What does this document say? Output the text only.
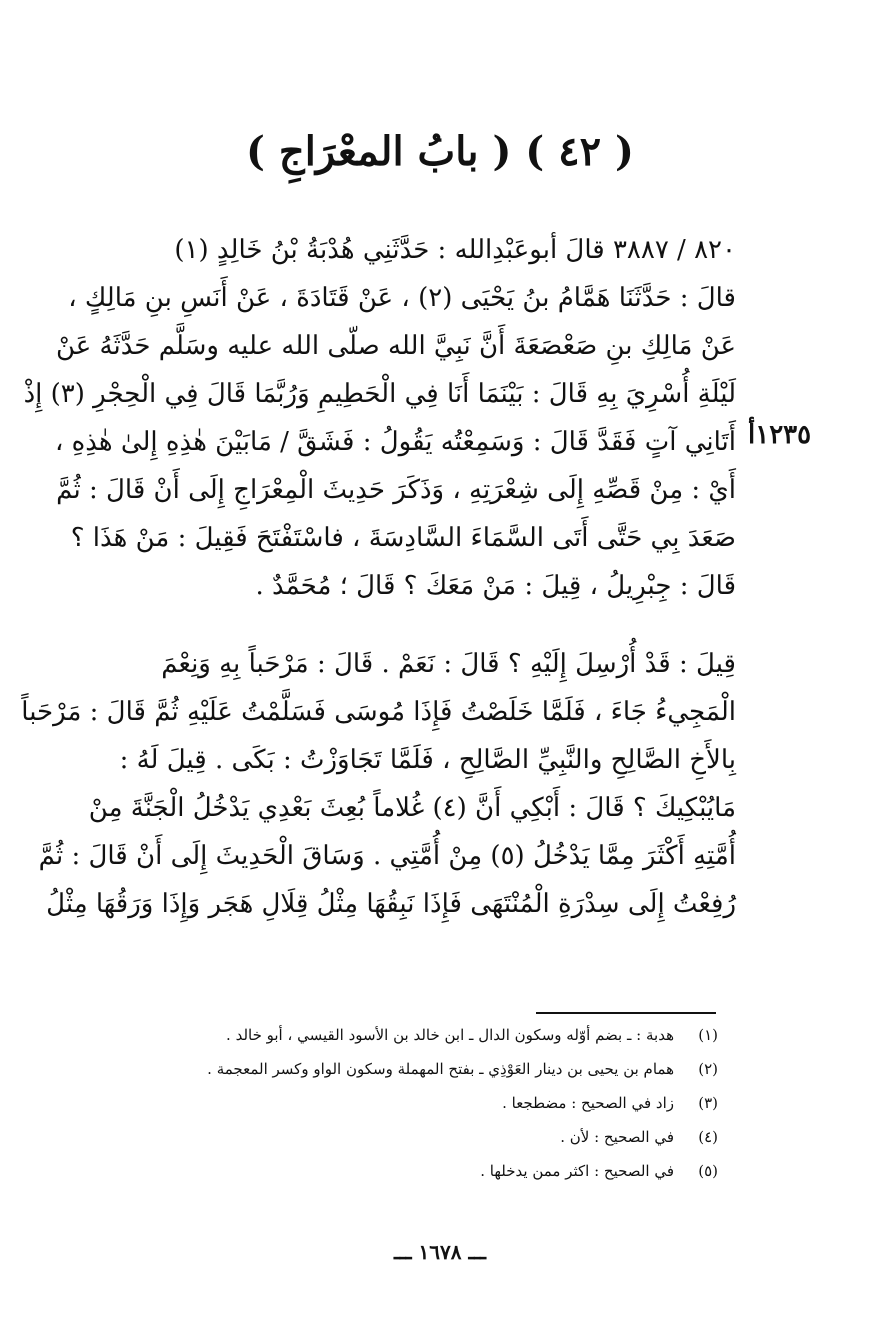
( ٤٢ ) ( بابُ المعْرَاجِ )
١٢٣٥أ
٨٢٠ / ٣٨٨٧ قالَ أبوعَبْدِالله : حَدَّثَنِي هُدْبَةُ بْنُ خَالِدٍ (١)
قالَ : حَدَّثَنَا هَمَّامُ بنُ يَحْيَى (٢) ، عَنْ قَتَادَةَ ، عَنْ أَنَسِ بنِ مَالِكٍ ،
عَنْ مَالِكِ بنِ صَعْصَعَةَ أَنَّ نَبِيَّ الله صلّى الله عليه وسَلَّم حَدَّثَهُ عَنْ
لَيْلَةِ أُسْرِيَ بِهِ قَالَ : بَيْنَمَا أَنَا فِي الْحَطِيمِ وَرُبَّمَا قَالَ فِي الْحِجْرِ (٣) إِذْ
أَتَانِي آتٍ فَقَدَّ قَالَ : وَسَمِعْتُه يَقُولُ : فَشَقَّ / مَابَيْنَ هٰذِهِ إِلىٰ هٰذِهِ ،
أَيْ : مِنْ قَصِّهِ إِلَى شِعْرَتِهِ ، وَذَكَرَ حَدِيثَ الْمِعْرَاجِ إِلَى أَنْ قَالَ : ثُمَّ
صَعَدَ بِي حَتَّى أَتَى السَّمَاءَ السَّادِسَةَ ، فاسْتَفْتَحَ فَقِيلَ : مَنْ هَذَا ؟
قَالَ : جِبْرِيلُ ، قِيلَ : مَنْ مَعَكَ ؟ قَالَ ؛ مُحَمَّدٌ .
قِيلَ : قَدْ أُرْسِلَ إِلَيْهِ ؟ قَالَ : نَعَمْ . قَالَ : مَرْحَباً بِهِ وَنِعْمَ
الْمَجِيءُ جَاءَ ، فَلَمَّا خَلَصْتُ فَإِذَا مُوسَى فَسَلَّمْتُ عَلَيْهِ ثُمَّ قَالَ : مَرْحَباً
بِالأَخِ الصَّالِحِ والنَّبِيِّ الصَّالِحِ ، فَلَمَّا تَجَاوَزْتُ : بَكَى . قِيلَ لَهُ :
مَايُبْكِيكَ ؟ قَالَ : أَبْكِي أَنَّ (٤) غُلاماً بُعِثَ بَعْدِي يَدْخُلُ الْجَنَّةَ مِنْ
أُمَّتِهِ أَكْثَرَ مِمَّا يَدْخُلُ (٥) مِنْ أُمَّتِي . وَسَاقَ الْحَدِيثَ إِلَى أَنْ قَالَ : ثُمَّ
رُفِعْتُ إِلَى سِدْرَةِ الْمُنْتَهَى فَإِذَا نَبِقُهَا مِثْلُ قِلَالِ هَجَر وَإِذَا وَرَقُهَا مِثْلُ
(١)
هدبة : ـ بضم أوّله وسكون الدال ـ ابن خالد بن الأسود القيسي ، أبو خالد .
(٢)
همام بن يحيى بن دينار العَوْذِي ـ بفتح المهملة وسكون الواو وكسر المعجمة .
(٣)
زاد في الصحيح : مضطجعا .
(٤)
في الصحيح : لأن .
(٥)
في الصحيح : اكثر ممن يدخلها .
ـــ ١٦٧٨ ـــ
